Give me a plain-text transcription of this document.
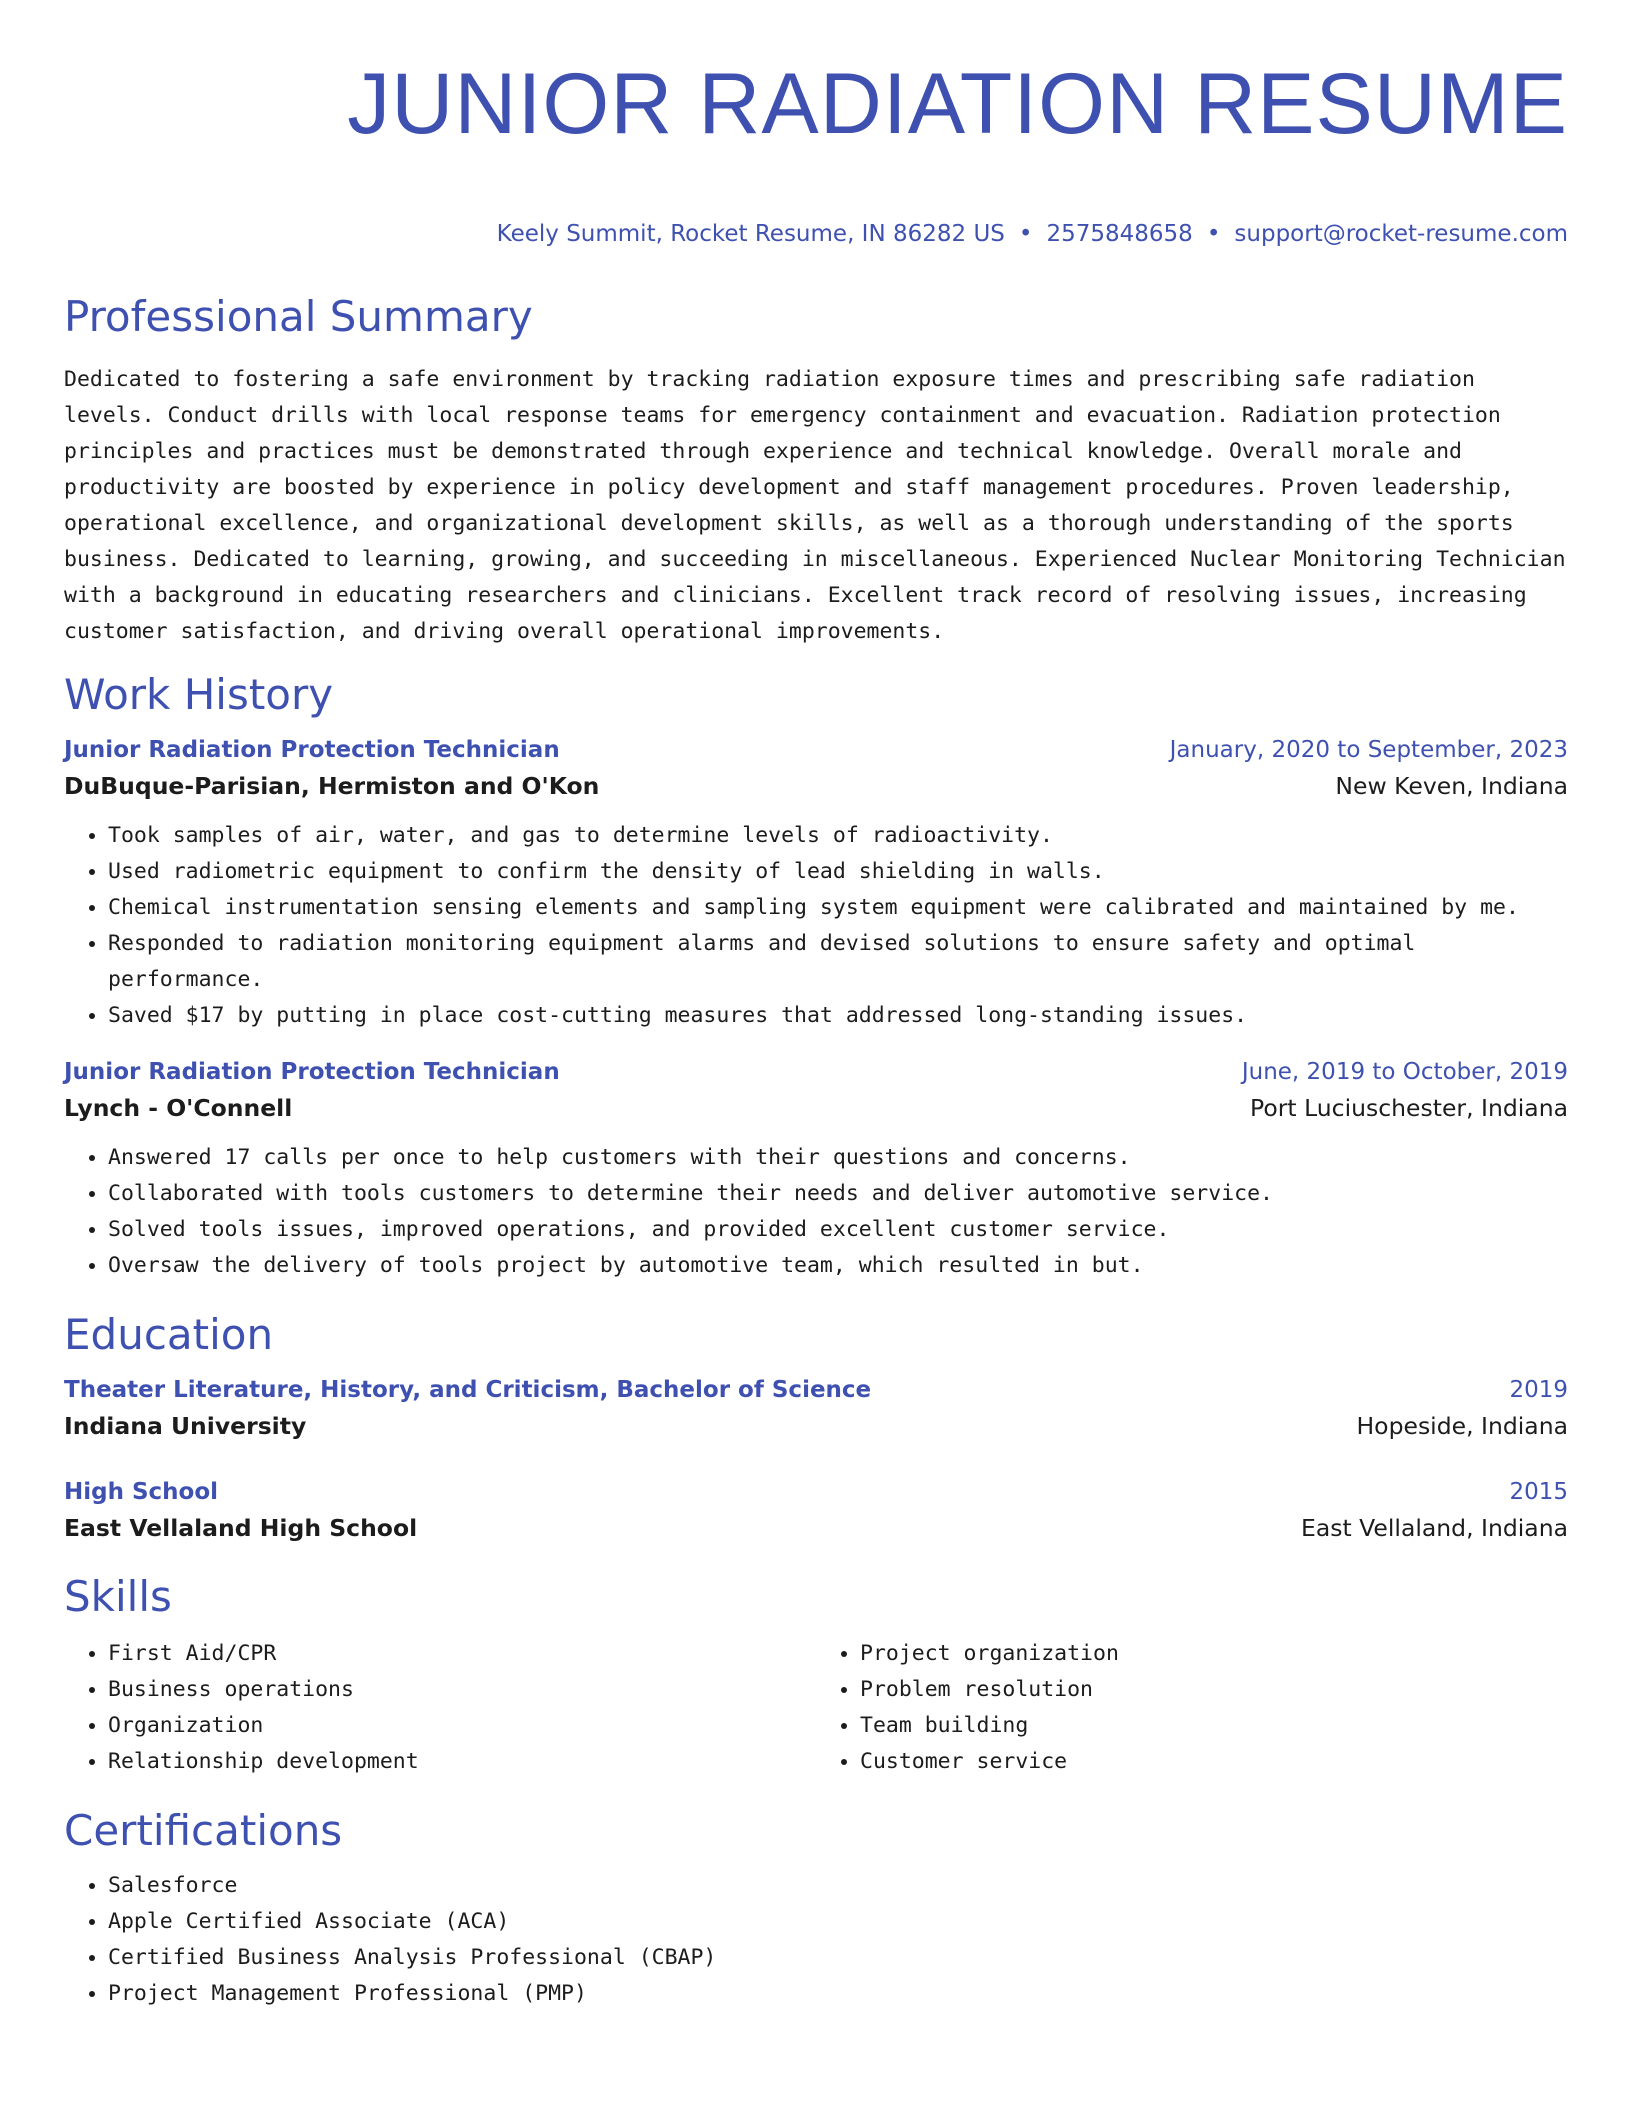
JUNIOR RADIATION RESUME
Keely Summit, Rocket Resume, IN 86282 US • 2575848658 • support@rocket-resume.com
Professional Summary

Dedicated to fostering a safe environment by tracking radiation exposure times and prescribing safe radiation levels. Conduct drills with local response teams for emergency containment and evacuation. Radiation protection principles and practices must be demonstrated through experience and technical knowledge. Overall morale and productivity are boosted by experience in policy development and staff management procedures. Proven leadership, operational excellence, and organizational development skills, as well as a thorough understanding of the sports business. Dedicated to learning, growing, and succeeding in miscellaneous. Experienced Nuclear Monitoring Technician with a background in educating researchers and clinicians. Excellent track record of resolving issues, increasing customer satisfaction, and driving overall operational improvements.

Work History
Junior Radiation Protection Technician	January, 2020 to September, 2023
DuBuque-Parisian, Hermiston and O'Kon	New Keven, Indiana
• Took samples of air, water, and gas to determine levels of radioactivity.
• Used radiometric equipment to confirm the density of lead shielding in walls.
• Chemical instrumentation sensing elements and sampling system equipment were calibrated and maintained by me.
• Responded to radiation monitoring equipment alarms and devised solutions to ensure safety and optimal performance.
• Saved $17 by putting in place cost-cutting measures that addressed long-standing issues.
Junior Radiation Protection Technician	June, 2019 to October, 2019
Lynch - O'Connell	Port Luciuschester, Indiana
• Answered 17 calls per once to help customers with their questions and concerns.
• Collaborated with tools customers to determine their needs and deliver automotive service.
• Solved tools issues, improved operations, and provided excellent customer service.
• Oversaw the delivery of tools project by automotive team, which resulted in but.
Education
Theater Literature, History, and Criticism, Bachelor of Science	2019
Indiana University	Hopeside, Indiana
High School	2015
East Vellaland High School	East Vellaland, Indiana
Skills
• First Aid/CPR
• Business operations
• Organization
• Relationship development
• Project organization
• Problem resolution
• Team building
• Customer service
Certifications
• Salesforce
• Apple Certified Associate (ACA)
• Certified Business Analysis Professional (CBAP)
• Project Management Professional (PMP)
